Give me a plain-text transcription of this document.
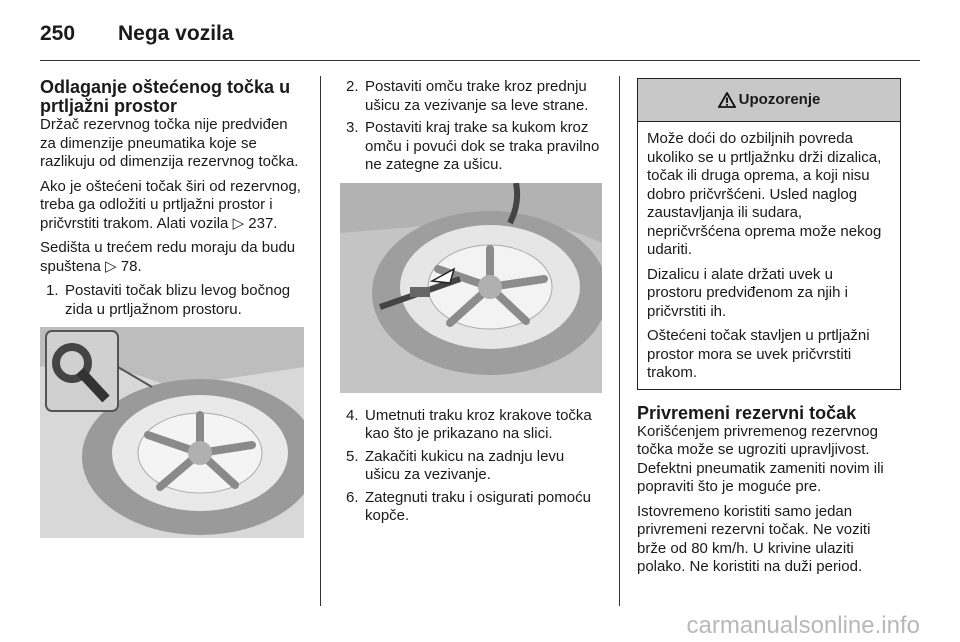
250 Nega vozila
Odlaganje oštećenog točka u prtljažni prostor

Držač rezervnog točka nije predviđen za dimenzije pneumatika koje se razlikuju od dimenzija rezervnog točka.

Ako je oštećeni točak širi od rezervnog, treba ga odložiti u prtljažni prostor i pričvrstiti trakom. Alati vozila ▷ 237.

Sedišta u trećem redu moraju da budu spuštena ▷ 78.

1. Postaviti točak blizu levog bočnog zida u prtljažnom prostoru.
2. Postaviti omču trake kroz prednju ušicu za vezivanje sa leve strane.
3. Postaviti kraj trake sa kukom kroz omču i povući dok se traka pravilno ne zategne za ušicu.
4. Umetnuti traku kroz krakove točka kao što je prikazano na slici.
5. Zakačiti kukicu na zadnju levu ušicu za vezivanje.
6. Zategnuti traku i osigurati pomoću kopče.
Upozorenje

Može doći do ozbiljnih povreda ukoliko se u prtljažnku drži dizalica, točak ili druga oprema, a koji nisu dobro pričvršćeni. Usled naglog zaustavljanja ili sudara, nepričvršćena oprema može nekog udariti.

Dizalicu i alate držati uvek u prostoru predviđenom za njih i pričvrstiti ih.

Oštećeni točak stavljen u prtljažni prostor mora se uvek pričvrstiti trakom.

Privremeni rezervni točak

Korišćenjem privremenog rezervnog točka može se ugroziti upravljivost. Defektni pneumatik zameniti novim ili popraviti što je moguće pre.

Istovremeno koristiti samo jedan privremeni rezervni točak. Ne voziti brže od 80 km/h. U krivine ulaziti polako. Ne koristiti na duži period.

carmanualsonline.info
